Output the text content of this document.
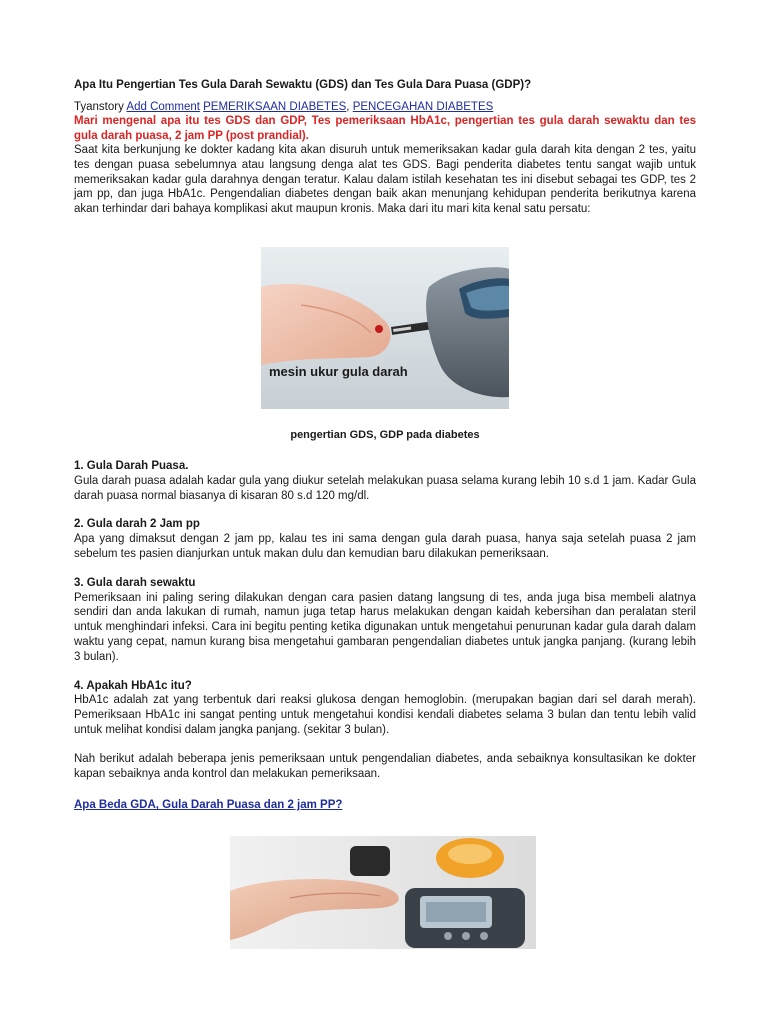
Apa Itu Pengertian Tes Gula Darah Sewaktu (GDS) dan Tes Gula Dara Puasa (GDP)?

Tyanstory Add Comment PEMERIKSAAN DIABETES, PENCEGAHAN DIABETES

Mari mengenal apa itu tes GDS dan GDP, Tes pemeriksaan HbA1c, pengertian tes gula darah sewaktu dan tes gula darah puasa, 2 jam PP (post prandial).

Saat kita berkunjung ke dokter kadang kita akan disuruh untuk memeriksakan kadar gula darah kita dengan 2 tes, yaitu tes dengan puasa sebelumnya atau langsung denga alat tes GDS. Bagi penderita diabetes tentu sangat wajib untuk memeriksakan kadar gula darahnya dengan teratur. Kalau dalam istilah kesehatan tes ini disebut sebagai tes GDP, tes 2 jam pp, dan juga HbA1c. Pengendalian diabetes dengan baik akan menunjang kehidupan penderita berikutnya karena akan terhindar dari bahaya komplikasi akut maupun kronis. Maka dari itu mari kita kenal satu persatu:

mesin ukur gula darah
pengertian GDS, GDP pada diabetes

1. Gula Darah Puasa.

Gula darah puasa adalah kadar gula yang diukur setelah melakukan puasa selama kurang lebih 10 s.d 1 jam. Kadar Gula darah puasa normal biasanya di kisaran 80 s.d 120 mg/dl.

2. Gula darah 2 Jam pp

Apa yang dimaksut dengan 2 jam pp, kalau tes ini sama dengan gula darah puasa, hanya saja setelah puasa 2 jam sebelum tes pasien dianjurkan untuk makan dulu dan kemudian baru dilakukan pemeriksaan.

3. Gula darah sewaktu

Pemeriksaan ini paling sering dilakukan dengan cara pasien datang langsung di tes, anda juga bisa membeli alatnya sendiri dan anda lakukan di rumah, namun juga tetap harus melakukan dengan kaidah kebersihan dan peralatan steril untuk menghindari infeksi. Cara ini begitu penting ketika digunakan untuk mengetahui penurunan kadar gula darah dalam waktu yang cepat, namun kurang bisa mengetahui gambaran pengendalian diabetes untuk jangka panjang. (kurang lebih 3 bulan).

4. Apakah HbA1c itu?

HbA1c adalah zat yang terbentuk dari reaksi glukosa dengan hemoglobin. (merupakan bagian dari sel darah merah). Pemeriksaan HbA1c ini sangat penting untuk mengetahui kondisi kendali diabetes selama 3 bulan dan tentu lebih valid untuk melihat kondisi dalam jangka panjang. (sekitar 3 bulan).

Nah berikut adalah beberapa jenis pemeriksaan untuk pengendalian diabetes, anda sebaiknya konsultasikan ke dokter kapan sebaiknya anda kontrol dan melakukan pemeriksaan.

Apa Beda GDA, Gula Darah Puasa dan 2 jam PP?
